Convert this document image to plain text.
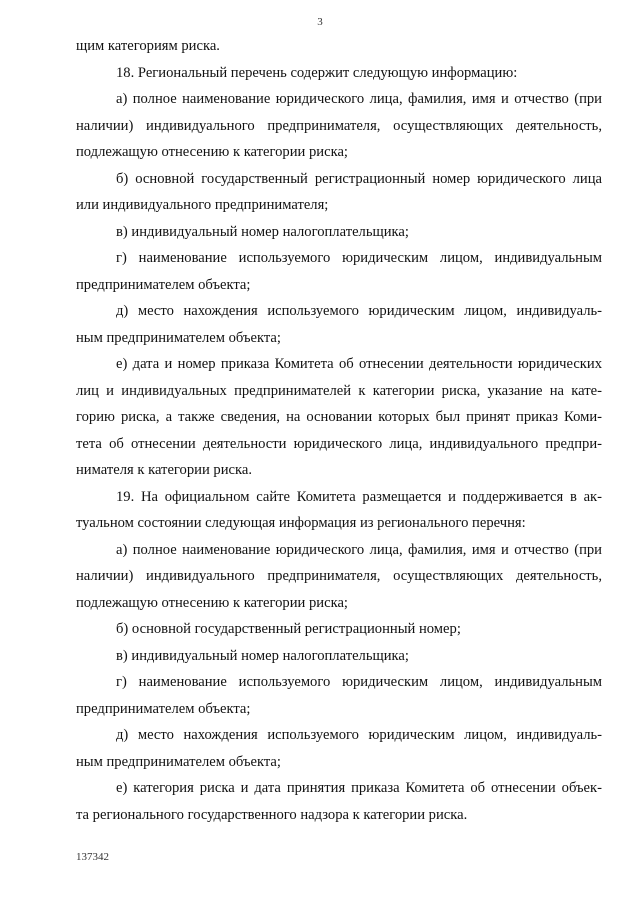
3
щим категориям риска.
18. Региональный перечень содержит следующую информацию:
а) полное наименование юридического лица, фамилия, имя и отчество (при
наличии) индивидуального предпринимателя, осуществляющих деятельность,
подлежащую отнесению к категории риска;
б) основной государственный регистрационный номер юридического лица
или индивидуального предпринимателя;
в) индивидуальный номер налогоплательщика;
г) наименование используемого юридическим лицом, индивидуальным
предпринимателем объекта;
д) место нахождения используемого юридическим лицом, индивидуаль-
ным предпринимателем объекта;
е) дата и номер приказа Комитета об отнесении деятельности юридических
лиц и индивидуальных предпринимателей к категории риска, указание на кате-
горию риска, а также сведения, на основании которых был принят приказ Коми-
тета об отнесении деятельности юридического лица, индивидуального предпри-
нимателя к категории риска.
19. На официальном сайте Комитета размещается и поддерживается в ак-
туальном состоянии следующая информация из регионального перечня:
а) полное наименование юридического лица, фамилия, имя и отчество (при
наличии) индивидуального предпринимателя, осуществляющих деятельность,
подлежащую отнесению к категории риска;
б) основной государственный регистрационный номер;
в) индивидуальный номер налогоплательщика;
г) наименование используемого юридическим лицом, индивидуальным
предпринимателем объекта;
д) место нахождения используемого юридическим лицом, индивидуаль-
ным предпринимателем объекта;
е) категория риска и дата принятия приказа Комитета об отнесении объек-
та регионального государственного надзора к категории риска.
137342
